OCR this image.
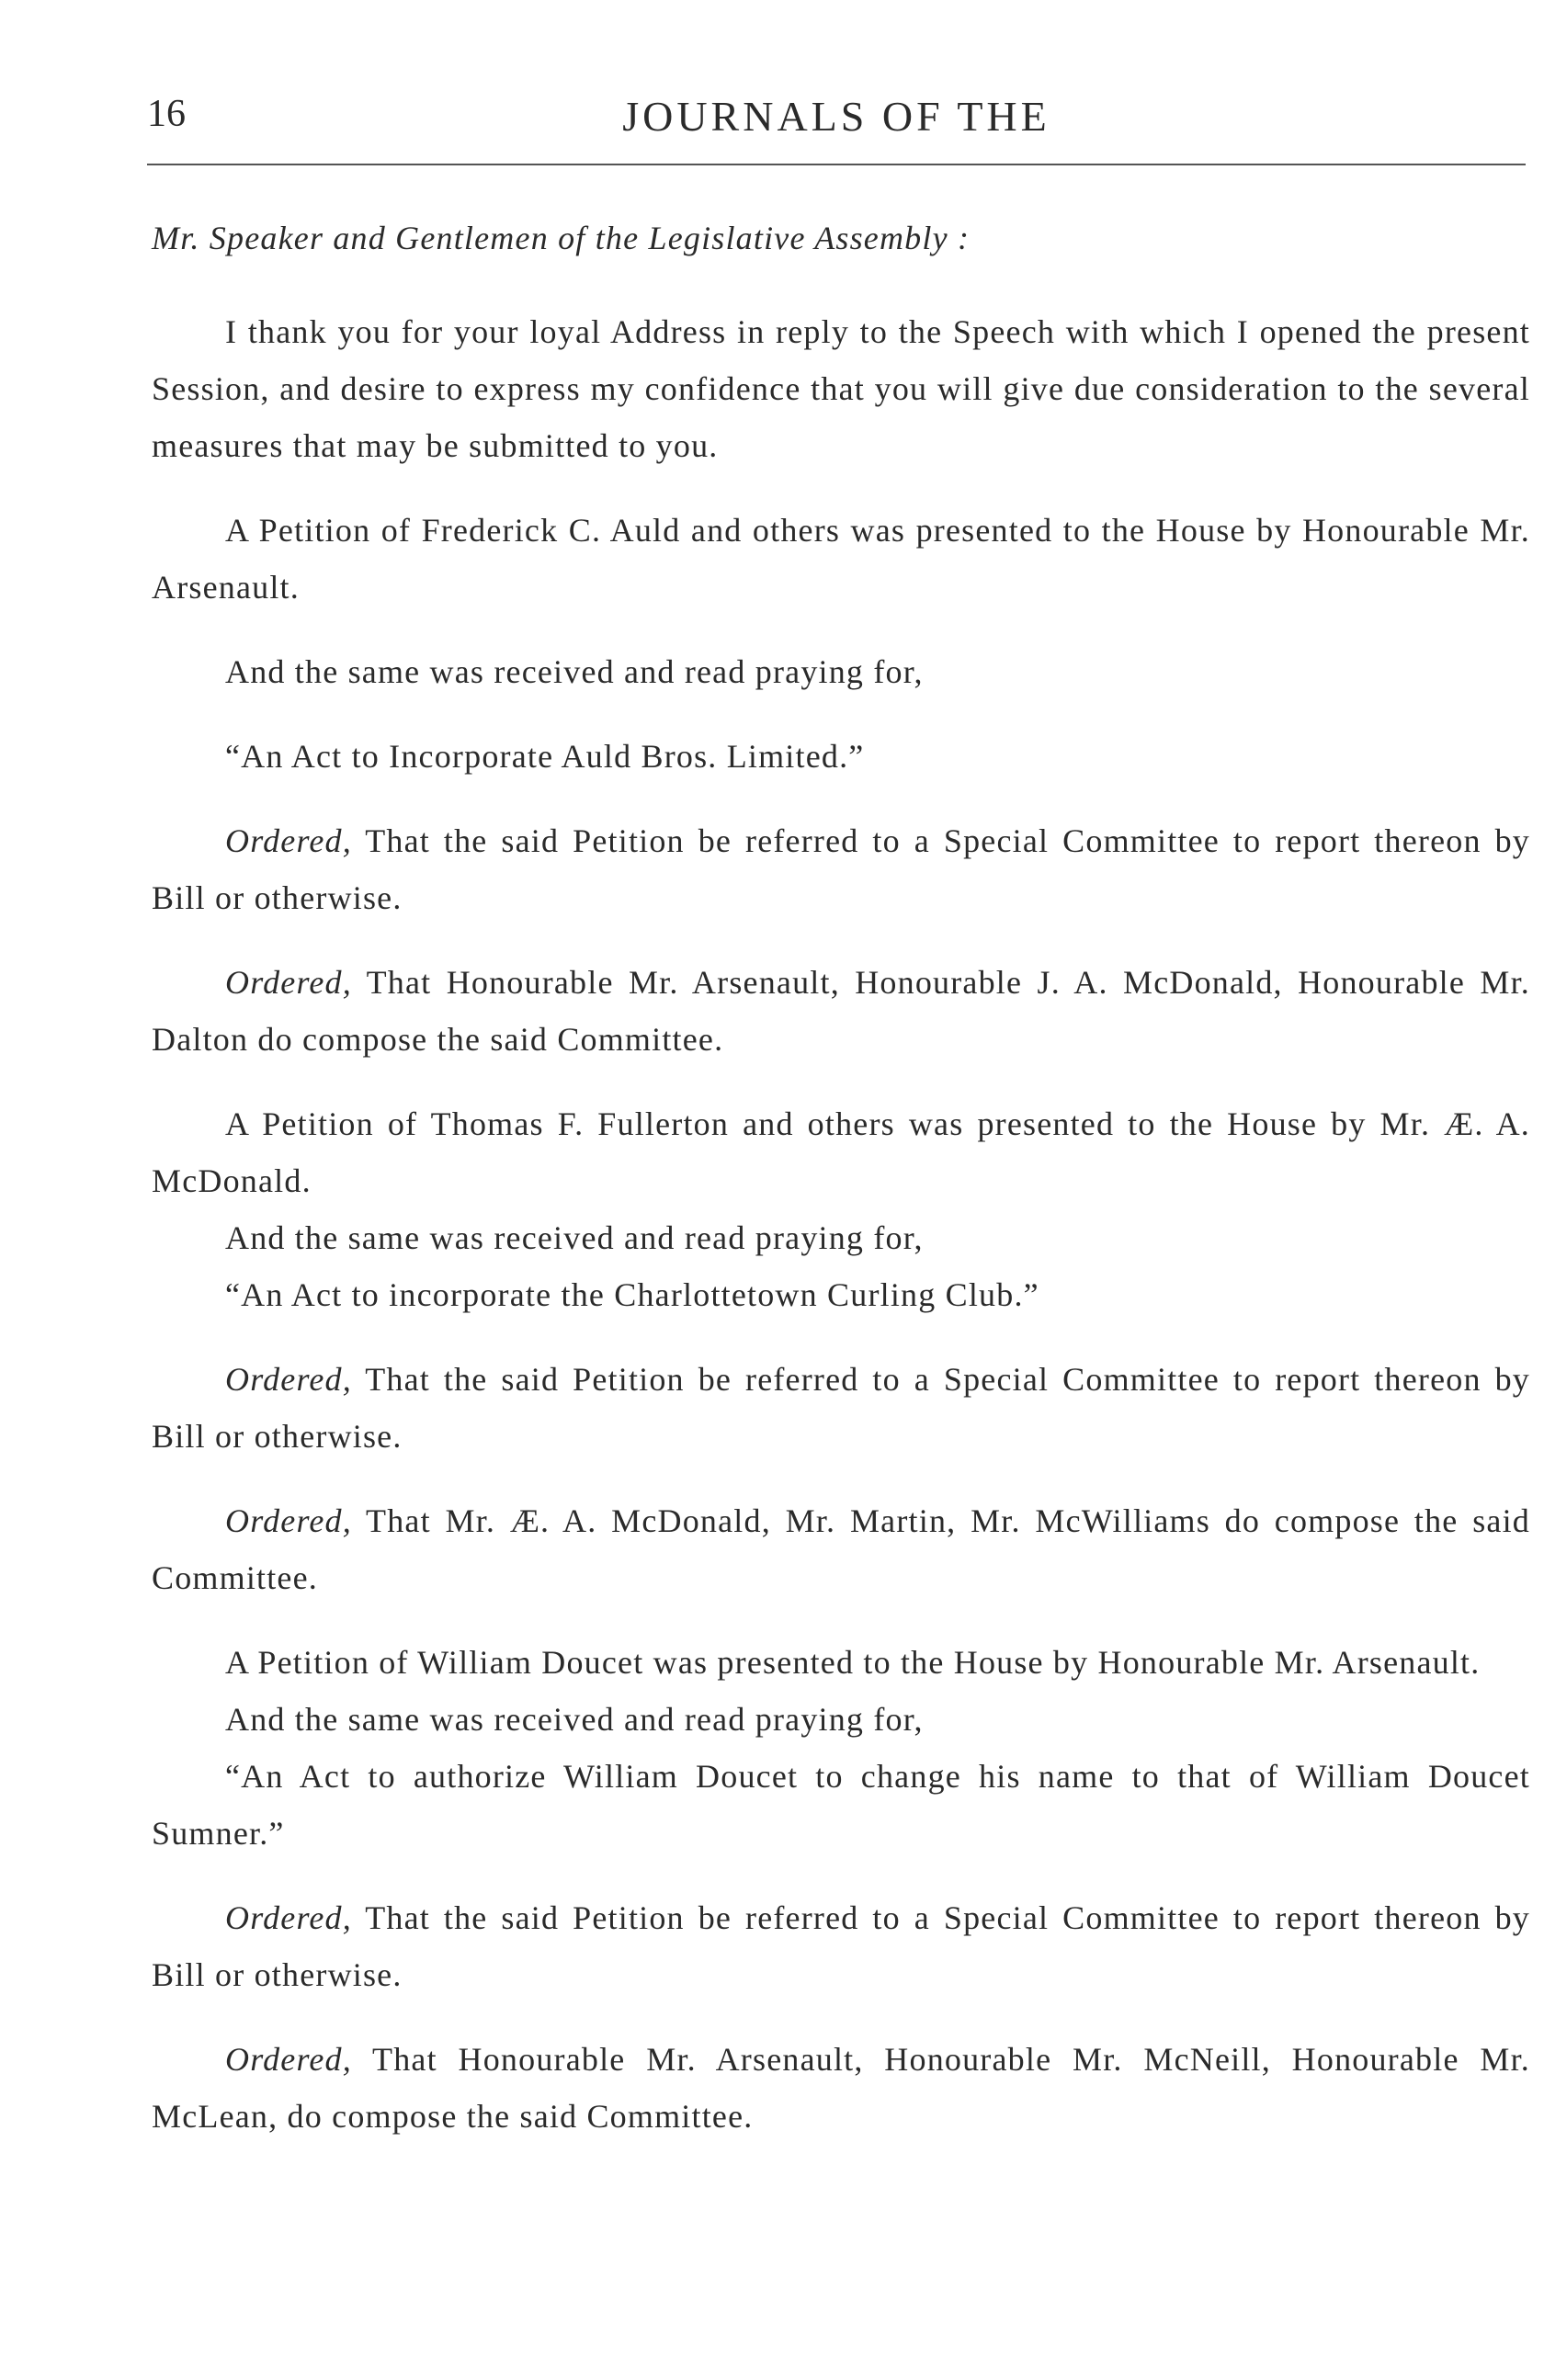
16	JOURNALS OF THE

Mr. Speaker and Gentlemen of the Legislative Assembly :

I thank you for your loyal Address in reply to the Speech with which I opened the present Session, and desire to express my confidence that you will give due consideration to the several measures that may be submitted to you.

A Petition of Frederick C. Auld and others was presented to the House by Honourable Mr. Arsenault.

And the same was received and read praying for,

“An Act to Incorporate Auld Bros. Limited.”

Ordered, That the said Petition be referred to a Special Committee to report thereon by Bill or otherwise.

Ordered, That Honourable Mr. Arsenault, Honourable J. A. McDonald, Honourable Mr. Dalton do compose the said Committee.

A Petition of Thomas F. Fullerton and others was presented to the House by Mr. Æ. A. McDonald.

And the same was received and read praying for,

“An Act to incorporate the Charlottetown Curling Club.”

Ordered, That the said Petition be referred to a Special Committee to report thereon by Bill or otherwise.

Ordered, That Mr. Æ. A. McDonald, Mr. Martin, Mr. McWilliams do compose the said Committee.

A Petition of William Doucet was presented to the House by Honourable Mr. Arsenault.

And the same was received and read praying for,

“An Act to authorize William Doucet to change his name to that of William Doucet Sumner.”

Ordered, That the said Petition be referred to a Special Committee to report thereon by Bill or otherwise.

Ordered, That Honourable Mr. Arsenault, Honourable Mr. McNeill, Honourable Mr. McLean, do compose the said Committee.
